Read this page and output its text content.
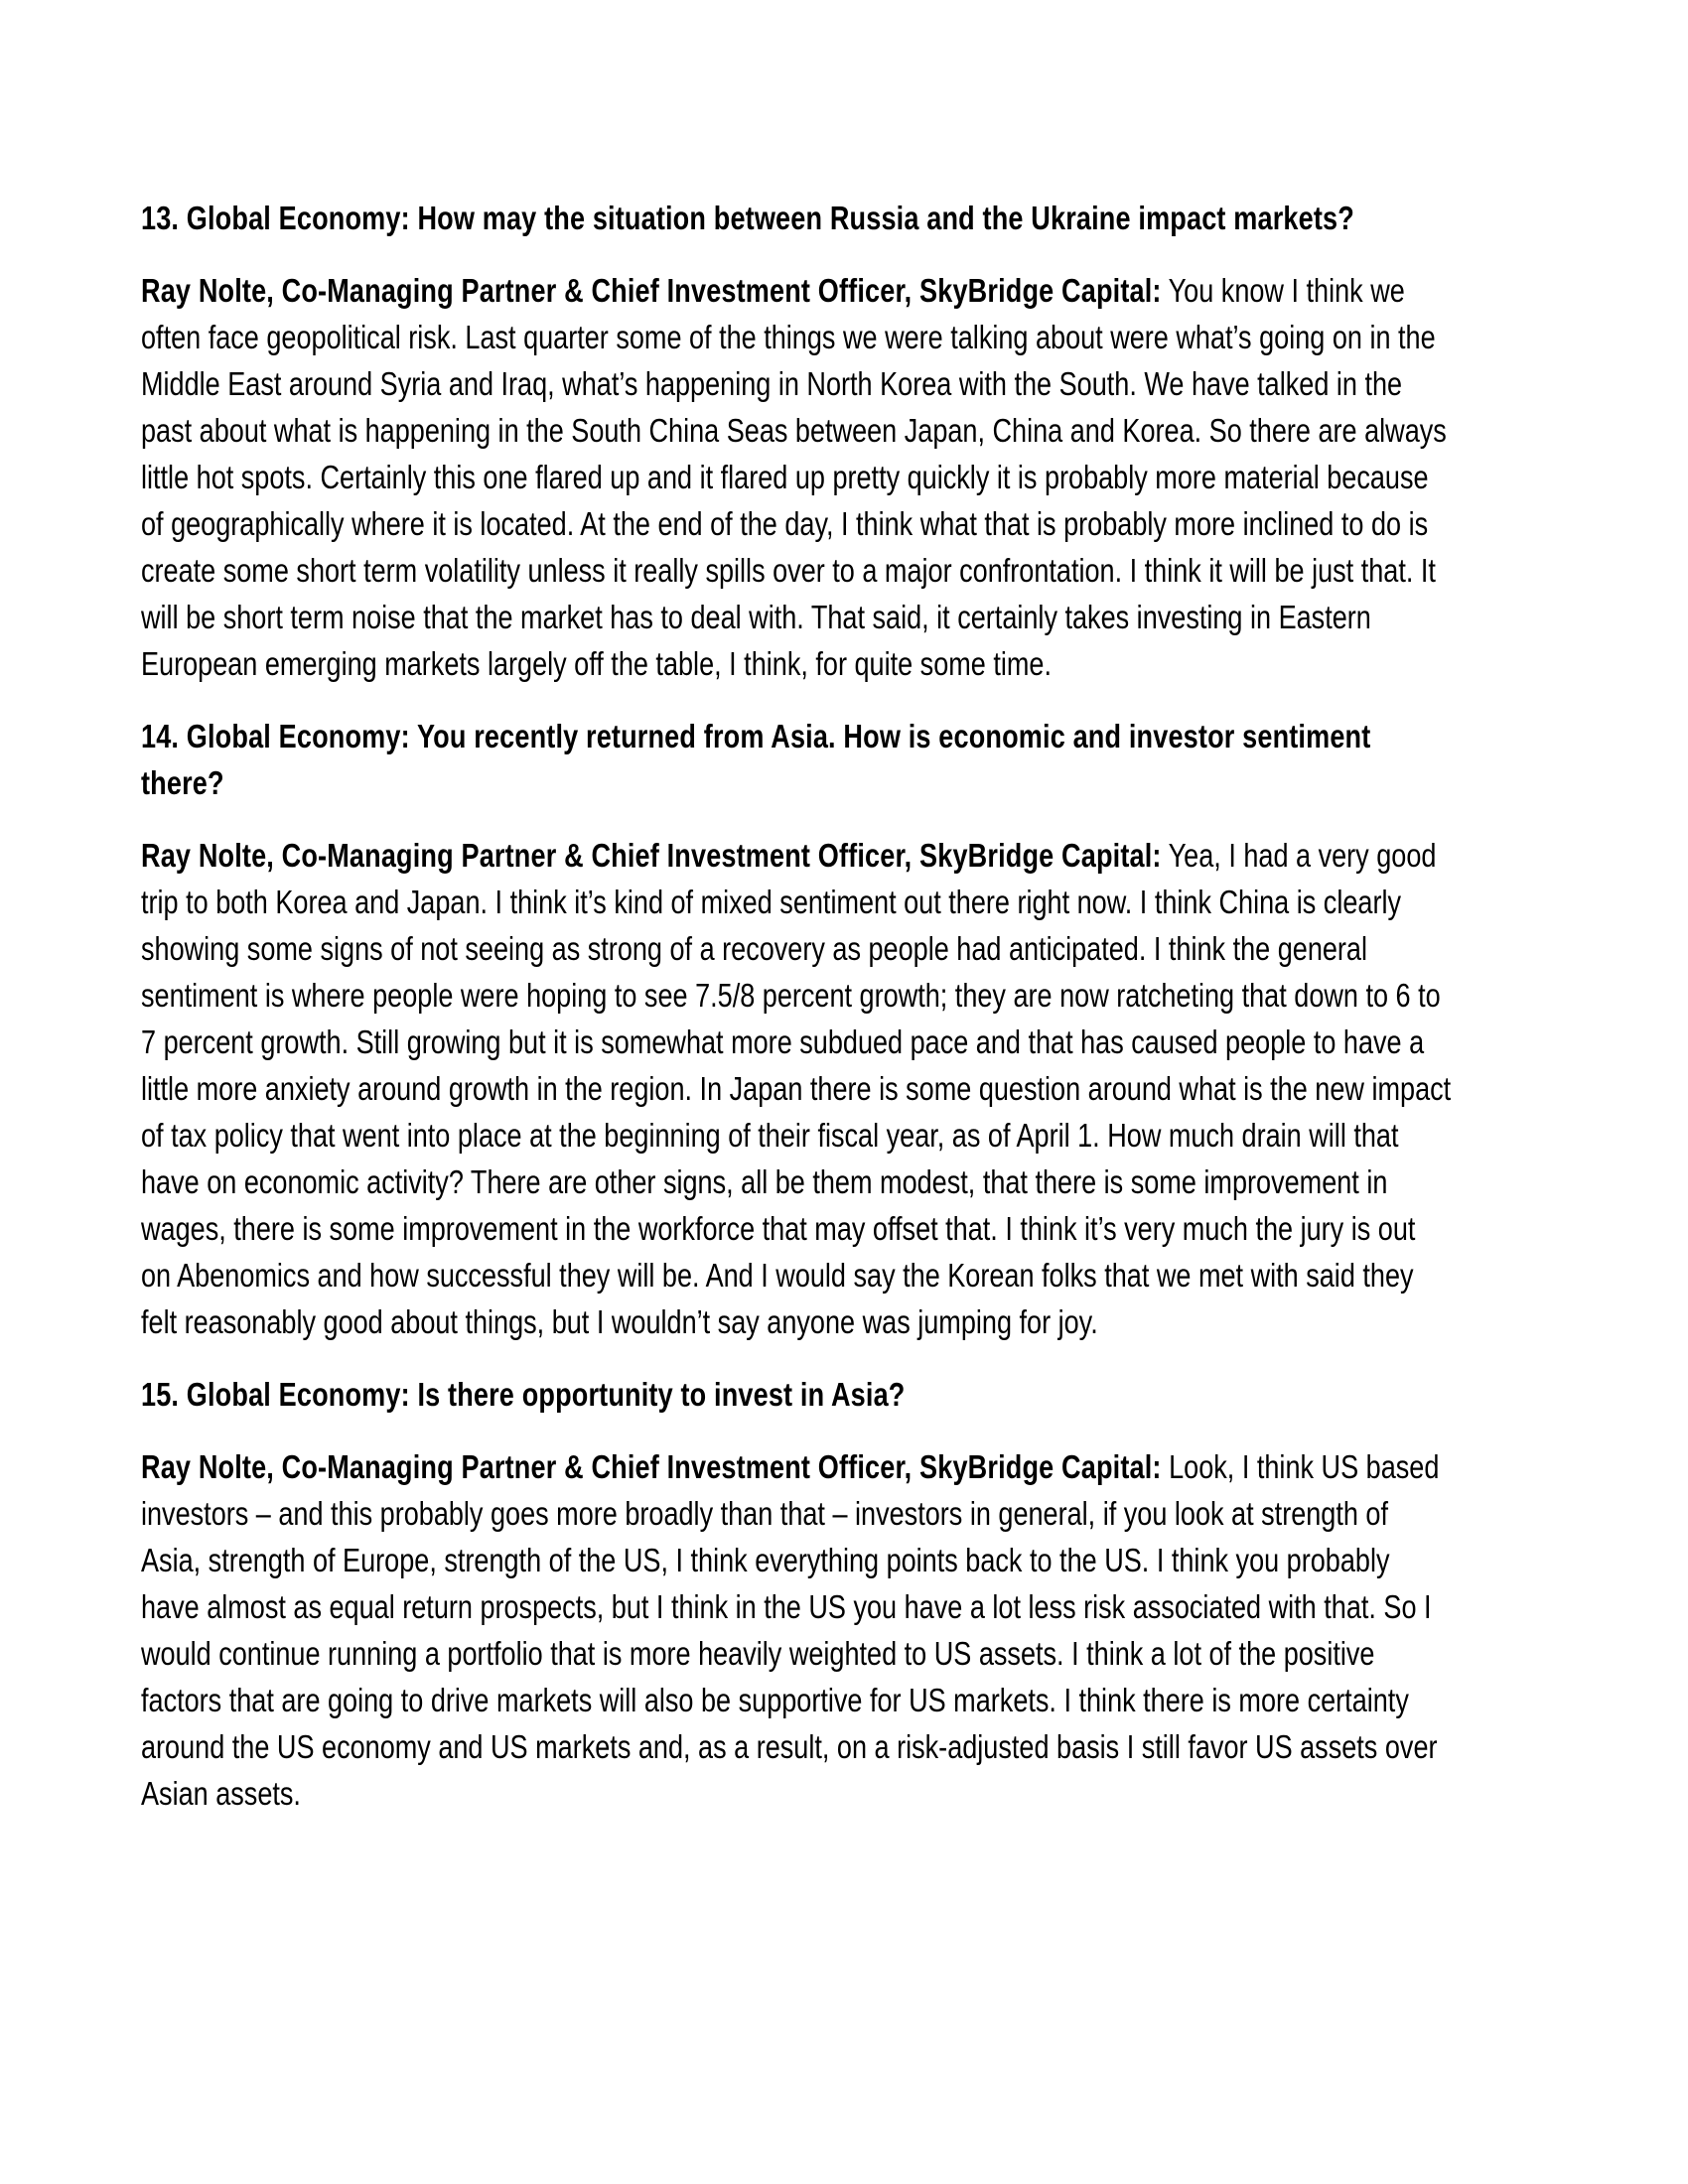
13. Global Economy: How may the situation between Russia and the Ukraine impact markets?

Ray Nolte, Co-Managing Partner & Chief Investment Officer, SkyBridge Capital: You know I think we often face geopolitical risk. Last quarter some of the things we were talking about were what’s going on in the Middle East around Syria and Iraq, what’s happening in North Korea with the South. We have talked in the past about what is happening in the South China Seas between Japan, China and Korea. So there are always little hot spots. Certainly this one flared up and it flared up pretty quickly it is probably more material because of geographically where it is located. At the end of the day, I think what that is probably more inclined to do is create some short term volatility unless it really spills over to a major confrontation. I think it will be just that. It will be short term noise that the market has to deal with. That said, it certainly takes investing in Eastern European emerging markets largely off the table, I think, for quite some time.

14. Global Economy: You recently returned from Asia. How is economic and investor sentiment there?

Ray Nolte, Co-Managing Partner & Chief Investment Officer, SkyBridge Capital: Yea, I had a very good trip to both Korea and Japan. I think it’s kind of mixed sentiment out there right now. I think China is clearly showing some signs of not seeing as strong of a recovery as people had anticipated. I think the general sentiment is where people were hoping to see 7.5/8 percent growth; they are now ratcheting that down to 6 to 7 percent growth. Still growing but it is somewhat more subdued pace and that has caused people to have a little more anxiety around growth in the region. In Japan there is some question around what is the new impact of tax policy that went into place at the beginning of their fiscal year, as of April 1. How much drain will that have on economic activity? There are other signs, all be them modest, that there is some improvement in wages, there is some improvement in the workforce that may offset that. I think it’s very much the jury is out on Abenomics and how successful they will be. And I would say the Korean folks that we met with said they felt reasonably good about things, but I wouldn’t say anyone was jumping for joy.

15. Global Economy: Is there opportunity to invest in Asia?

Ray Nolte, Co-Managing Partner & Chief Investment Officer, SkyBridge Capital: Look, I think US based investors – and this probably goes more broadly than that – investors in general, if you look at strength of Asia, strength of Europe, strength of the US, I think everything points back to the US. I think you probably have almost as equal return prospects, but I think in the US you have a lot less risk associated with that. So I would continue running a portfolio that is more heavily weighted to US assets. I think a lot of the positive factors that are going to drive markets will also be supportive for US markets. I think there is more certainty around the US economy and US markets and, as a result, on a risk-adjusted basis I still favor US assets over Asian assets.
